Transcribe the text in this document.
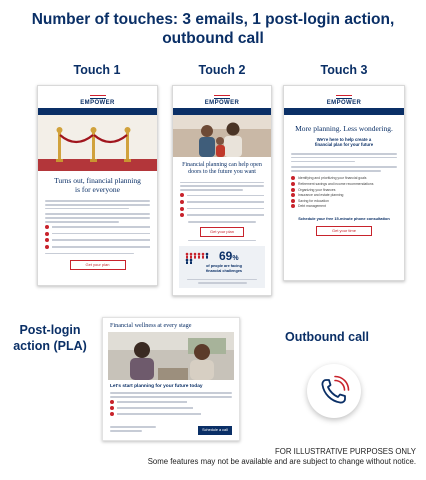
Number of touches: 3 emails, 1 post-login action, outbound call
Touch 1	Touch 2	Touch 3
EMPOWER
Turns out, financial planning is for everyone
Get your plan
EMPOWER
Financial planning can help open doors to the future you want
Get your plan
69%
of people are facing financial challenges
EMPOWER
More planning. Less wondering.
We're here to help create a financial plan for your future
Identifying and prioritizing your financial goals
Retirement savings and income recommendations
Organizing your finances
Insurance and estate planning
Saving for education
Debt management
Schedule your free 15-minute phone consultation
Get your time
Post-login action (PLA)
Financial wellness at every stage
Let's start planning for your future today
Schedule a call
Outbound call
FOR ILLUSTRATIVE PURPOSES ONLY
Some features may not be available and are subject to change without notice.
